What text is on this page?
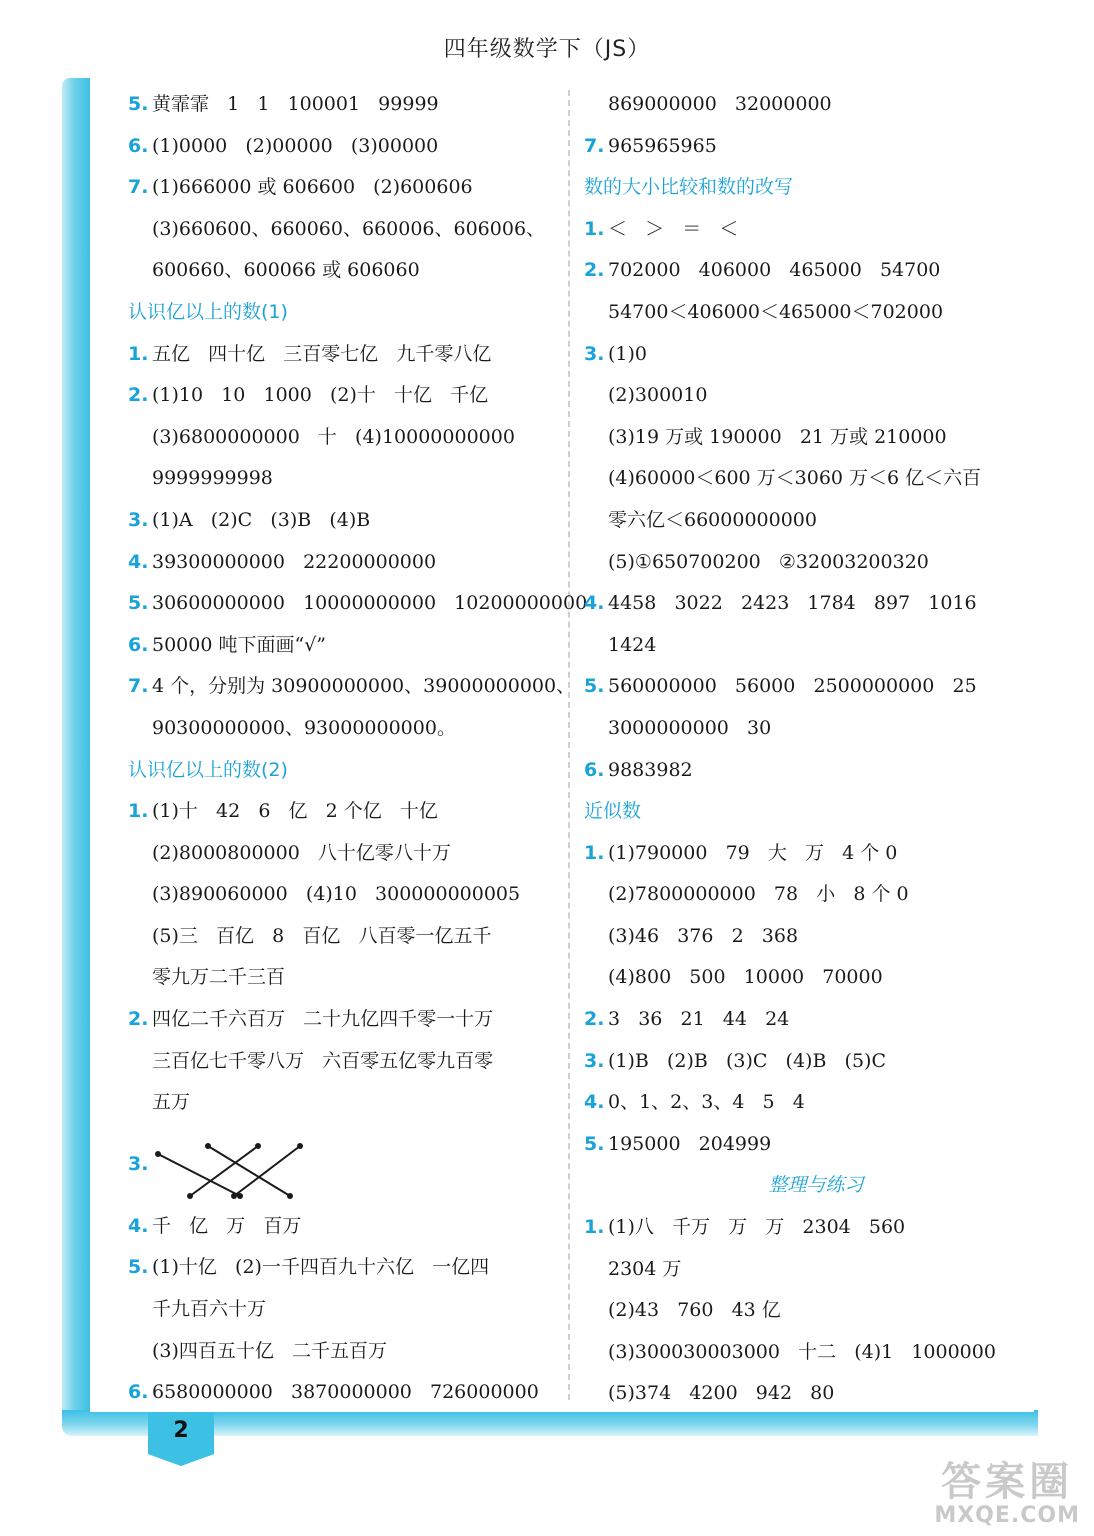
四年级数学下（JS）
5. 黄霏霏   1   1   100001   99999
6. (1)0000   (2)00000   (3)00000
7. (1)666000 或 606600   (2)600606
(3)660600、660060、660006、606006、
600660、600066 或 606060
认识亿以上的数(1)
1. 五亿   四十亿   三百零七亿   九千零八亿
2. (1)10   10   1000   (2)十   十亿   千亿
(3)6800000000   十   (4)10000000000
9999999998
3. (1)A   (2)C   (3)B   (4)B
4. 39300000000   22200000000
5. 30600000000   10000000000   10200000000
6. 50000 吨下面画“√”
7. 4 个，分别为 30900000000、39000000000、
90300000000、93000000000。
认识亿以上的数(2)
1. (1)十   42   6   亿   2 个亿   十亿
(2)8000800000   八十亿零八十万
(3)890060000   (4)10   300000000005
(5)三   百亿   8   百亿   八百零一亿五千
零九万二千三百
2. 四亿二千六百万   二十九亿四千零一十万
三百亿七千零八万   六百零五亿零九百零
五万
3.
4. 千   亿   万   百万
5. (1)十亿   (2)一千四百九十六亿   一亿四
千九百六十万
(3)四百五十亿   二千五百万
6. 6580000000   3870000000   726000000
869000000   32000000
7. 965965965
数的大小比较和数的改写
1. ＜   ＞   ＝   ＜
2. 702000   406000   465000   54700
54700＜406000＜465000＜702000
3. (1)0
(2)300010
(3)19 万或 190000   21 万或 210000
(4)60000＜600 万＜3060 万＜6 亿＜六百
零六亿＜66000000000
(5)①650700200   ②32003200320
4. 4458   3022   2423   1784   897   1016
1424
5. 560000000   56000   2500000000   25
3000000000   30
6. 9883982
近似数
1. (1)790000   79   大   万   4 个 0
(2)7800000000   78   小   8 个 0
(3)46   376   2   368
(4)800   500   10000   70000
2. 3   36   21   44   24
3. (1)B   (2)B   (3)C   (4)B   (5)C
4. 0、1、2、3、4   5   4
5. 195000   204999
整理与练习
1. (1)八   千万   万   万   2304   560
2304 万
(2)43   760   43 亿
(3)300030003000   十二   (4)1   1000000
(5)374   4200   942   80
2
答案圈
MXQE.COM
